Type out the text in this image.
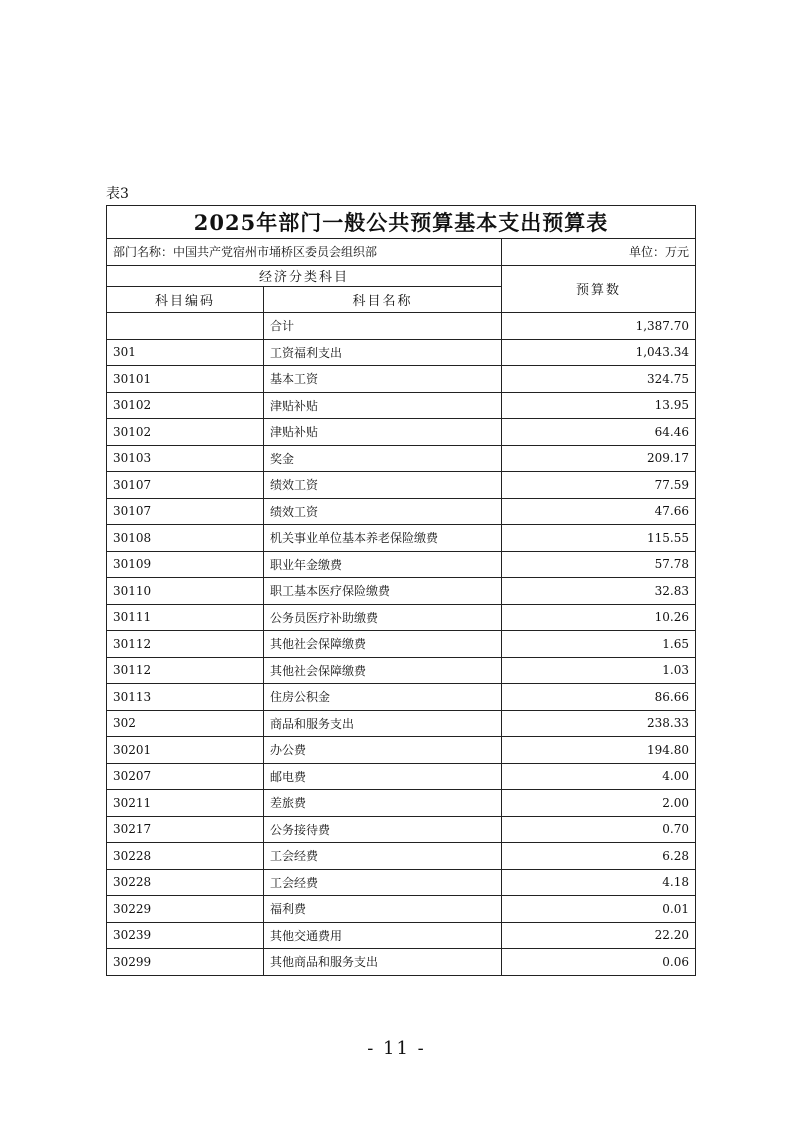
表3
2025年部门一般公共预算基本支出预算表		
部门名称：中国共产党宿州市埇桥区委员会组织部		单位：万元
经济分类科目		预算数
科目编码	科目名称	
	合计	1,387.70
301	工资福利支出	1,043.34
30101	基本工资	324.75
30102	津贴补贴	13.95
30102	津贴补贴	64.46
30103	奖金	209.17
30107	绩效工资	77.59
30107	绩效工资	47.66
30108	机关事业单位基本养老保险缴费	115.55
30109	职业年金缴费	57.78
30110	职工基本医疗保险缴费	32.83
30111	公务员医疗补助缴费	10.26
30112	其他社会保障缴费	1.65
30112	其他社会保障缴费	1.03
30113	住房公积金	86.66
302	商品和服务支出	238.33
30201	办公费	194.80
30207	邮电费	4.00
30211	差旅费	2.00
30217	公务接待费	0.70
30228	工会经费	6.28
30228	工会经费	4.18
30229	福利费	0.01
30239	其他交通费用	22.20
30299	其他商品和服务支出	0.06
- 11 -
